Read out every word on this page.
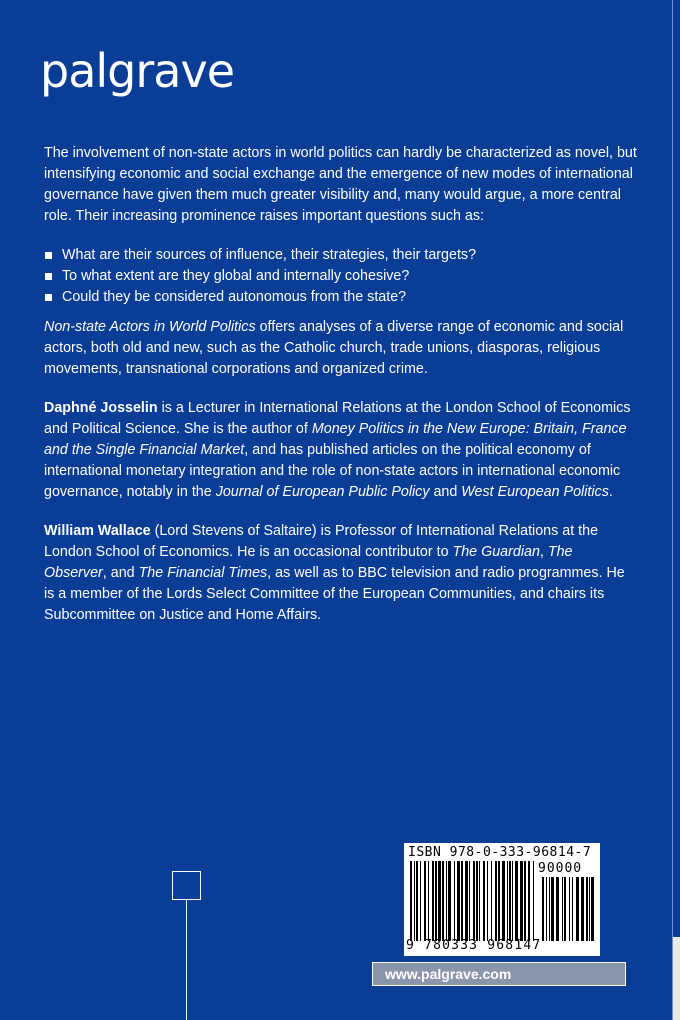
palgrave

The involvement of non-state actors in world politics can hardly be characterized as novel, but intensifying economic and social exchange and the emergence of new modes of international governance have given them much greater visibility and, many would argue, a more central role. Their increasing prominence raises important questions such as:

What are their sources of influence, their strategies, their targets?
To what extent are they global and internally cohesive?
Could they be considered autonomous from the state?

Non-state Actors in World Politics offers analyses of a diverse range of economic and social actors, both old and new, such as the Catholic church, trade unions, diasporas, religious movements, transnational corporations and organized crime.

Daphné Josselin is a Lecturer in International Relations at the London School of Economics and Political Science. She is the author of Money Politics in the New Europe: Britain, France and the Single Financial Market, and has published articles on the political economy of international monetary integration and the role of non-state actors in international economic governance, notably in the Journal of European Public Policy and West European Politics.

William Wallace (Lord Stevens of Saltaire) is Professor of International Relations at the London School of Economics. He is an occasional contributor to The Guardian, The Observer, and The Financial Times, as well as to BBC television and radio programmes. He is a member of the Lords Select Committee of the European Communities, and chairs its Subcommittee on Justice and Home Affairs.

ISBN 978-0-333-96814-7
90000
9 780333 968147
www.palgrave.com
